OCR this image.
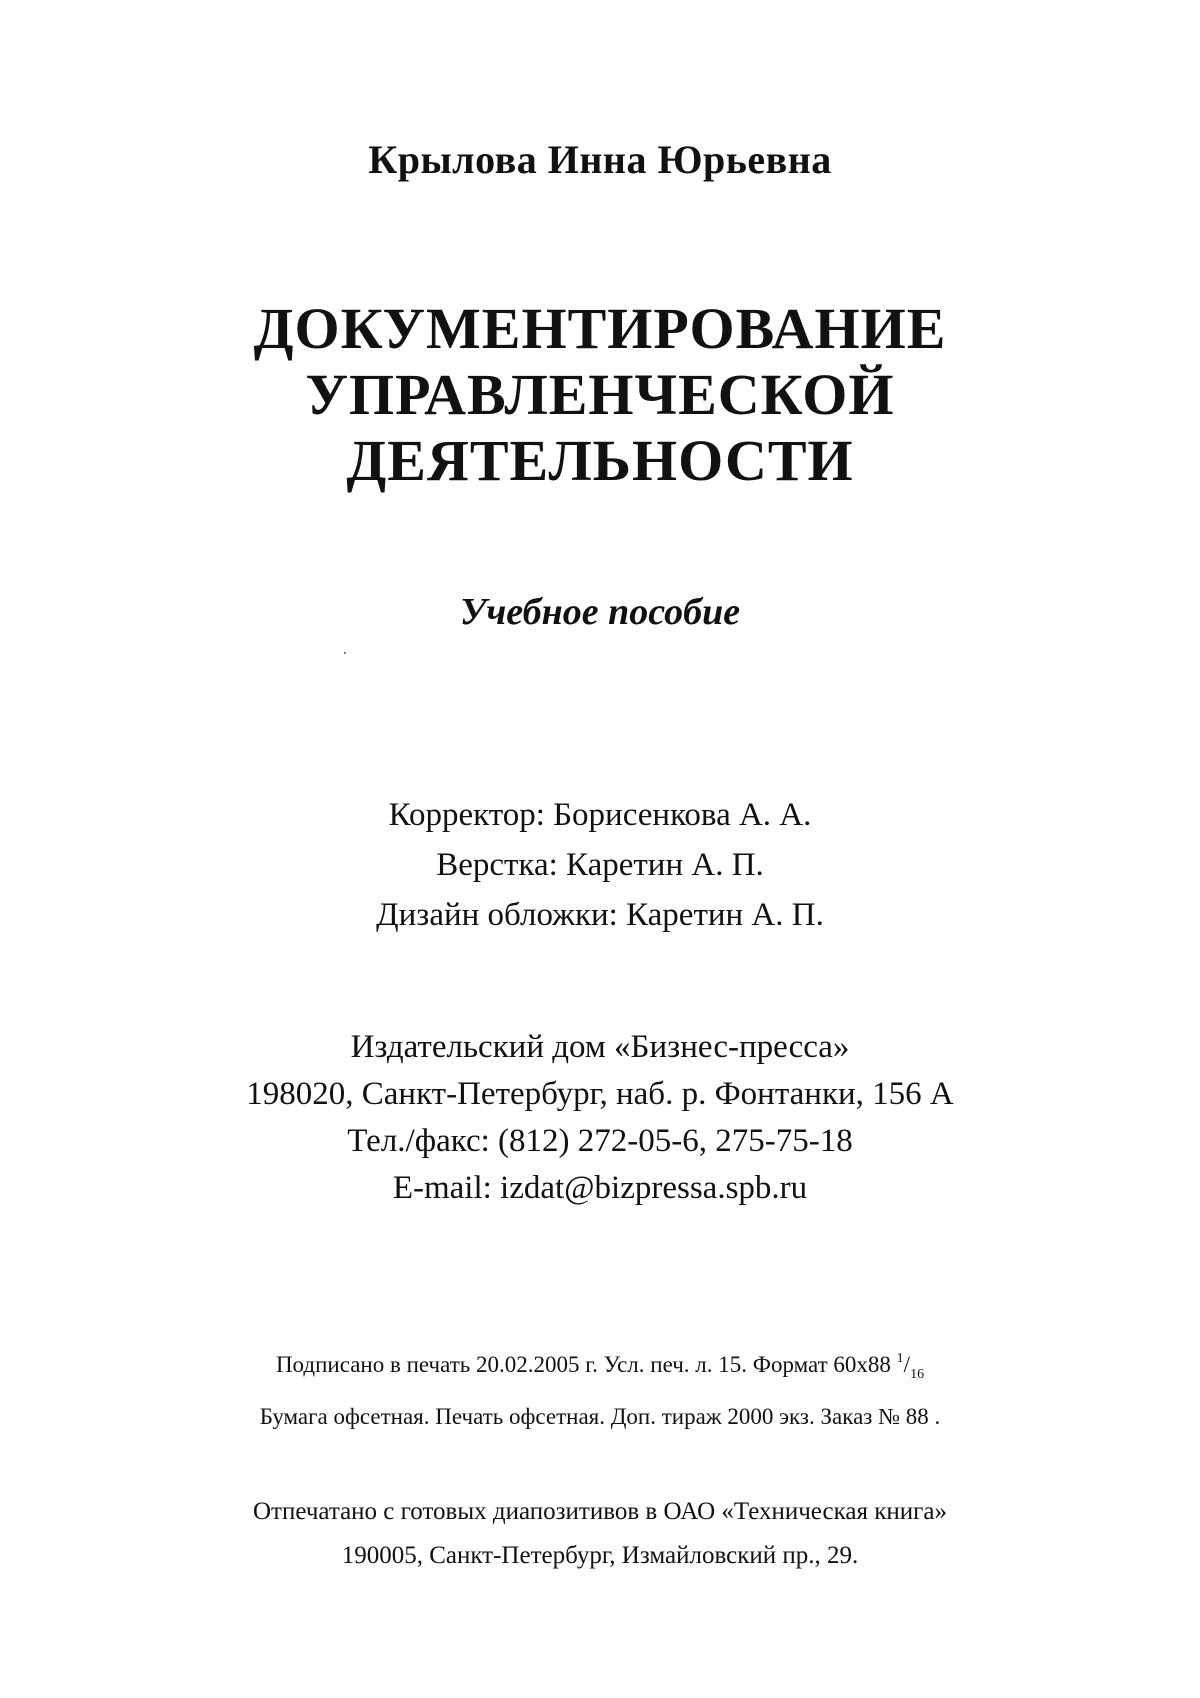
Крылова Инна Юрьевна
ДОКУМЕНТИРОВАНИЕ
УПРАВЛЕНЧЕСКОЙ
ДЕЯТЕЛЬНОСТИ
Учебное пособие
Корректор: Борисенкова А. А.
Верстка: Каретин А. П.
Дизайн обложки: Каретин А. П.
Издательский дом «Бизнес-пресса»
198020, Санкт-Петербург, наб. р. Фонтанки, 156 А
Тел./факс: (812) 272-05-6, 275-75-18
E-mail: izdat@bizpressa.spb.ru
Подписано в печать 20.02.2005 г. Усл. печ. л. 15. Формат 60x88 $^1/_{16}$
Бумага офсетная. Печать офсетная. Доп. тираж 2000 экз. Заказ № 88 .
Отпечатано с готовых диапозитивов в ОАО «Техническая книга»
190005, Санкт-Петербург, Измайловский пр., 29.
